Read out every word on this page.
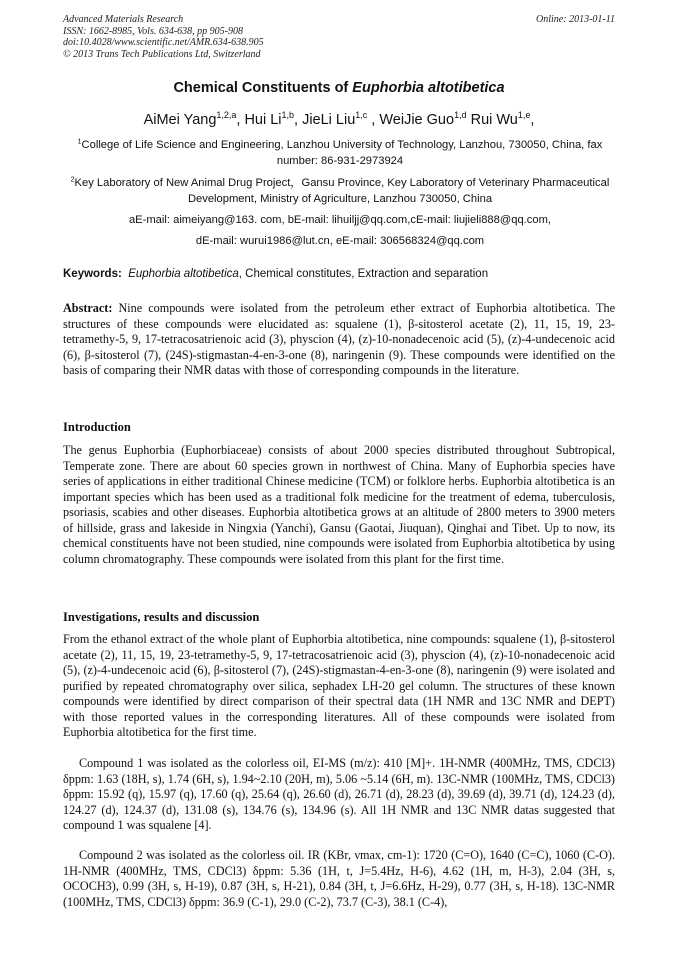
Advanced Materials Research
ISSN: 1662-8985, Vols. 634-638, pp 905-908
doi:10.4028/www.scientific.net/AMR.634-638.905
© 2013 Trans Tech Publications Ltd, Switzerland
Online: 2013-01-11
Chemical Constituents of Euphorbia altotibetica
AiMei Yang$^{1,2,a}$, Hui Li$^{1,b}$, JieLi Liu$^{1,c}$ , WeiJie Guo$^{1,d}$ Rui Wu$^{1,e}$,
$^1$College of Life Science and Engineering, Lanzhou University of Technology, Lanzhou, 730050, China, fax number: 86-931-2973924
$^2$Key Laboratory of New Animal Drug Project，Gansu Province, Key Laboratory of Veterinary Pharmaceutical Development, Ministry of Agriculture, Lanzhou 730050, China
aE-mail: aimeiyang@163. com, bE-mail: lihuiljj@qq.com,cE-mail: liujieli888@qq.com,
dE-mail: wurui1986@lut.cn, eE-mail: 306568324@qq.com
Keywords: Euphorbia altotibetica, Chemical constitutes, Extraction and separation
Abstract: Nine compounds were isolated from the petroleum ether extract of Euphorbia altotibetica. The structures of these compounds were elucidated as: squalene (1), β-sitosterol acetate (2), 11, 15, 19, 23-tetramethy-5, 9, 17-tetracosatrienoic acid (3), physcion (4), (z)-10-nonadecenoic acid (5), (z)-4-undecenoic acid (6), β-sitosterol (7), (24S)-stigmastan-4-en-3-one (8), naringenin (9). These compounds were identified on the basis of comparing their NMR datas with those of corresponding compounds in the literature.
Introduction
The genus Euphorbia (Euphorbiaceae) consists of about 2000 species distributed throughout Subtropical, Temperate zone. There are about 60 species grown in northwest of China. Many of Euphorbia species have series of applications in either traditional Chinese medicine (TCM) or folklore herbs. Euphorbia altotibetica is an important species which has been used as a traditional folk medicine for the treatment of edema, tuberculosis, psoriasis, scabies and other diseases. Euphorbia altotibetica grows at an altitude of 2800 meters to 3900 meters of hillside, grass and lakeside in Ningxia (Yanchi), Gansu (Gaotai, Jiuquan), Qinghai and Tibet. Up to now, its chemical constituents have not been studied, nine compounds were isolated from Euphorbia altotibetica by using column chromatography. These compounds were isolated from this plant for the first time.
Investigations, results and discussion
From the ethanol extract of the whole plant of Euphorbia altotibetica, nine compounds: squalene (1), β-sitosterol acetate (2), 11, 15, 19, 23-tetramethy-5, 9, 17-tetracosatrienoic acid (3), physcion (4), (z)-10-nonadecenoic acid (5), (z)-4-undecenoic acid (6), β-sitosterol (7), (24S)-stigmastan-4-en-3-one (8), naringenin (9) were isolated and purified by repeated chromatography over silica, sephadex LH-20 gel column. The structures of these known compounds were identified by direct comparison of their spectral data (1H NMR and 13C NMR and DEPT) with those reported values in the corresponding literatures. All of these compounds were isolated from Euphorbia altotibetica for the first time.
Compound 1 was isolated as the colorless oil, EI-MS (m/z): 410 [M]+. 1H-NMR (400MHz, TMS, CDCl3) δppm: 1.63 (18H, s), 1.74 (6H, s), 1.94~2.10 (20H, m), 5.06 ~5.14 (6H, m). 13C-NMR (100MHz, TMS, CDCl3) δppm: 15.92 (q), 15.97 (q), 17.60 (q), 25.64 (q), 26.60 (d), 26.71 (d), 28.23 (d), 39.69 (d), 39.71 (d), 124.23 (d), 124.27 (d), 124.37 (d), 131.08 (s), 134.76 (s), 134.96 (s). All 1H NMR and 13C NMR datas suggested that compound 1 was squalene [4].
Compound 2 was isolated as the colorless oil. IR (KBr, νmax, cm-1): 1720 (C=O), 1640 (C=C), 1060 (C-O). 1H-NMR (400MHz, TMS, CDCl3) δppm: 5.36 (1H, t, J=5.4Hz, H-6), 4.62 (1H, m, H-3), 2.04 (3H, s, OCOCH3), 0.99 (3H, s, H-19), 0.87 (3H, s, H-21), 0.84 (3H, t, J=6.6Hz, H-29), 0.77 (3H, s, H-18). 13C-NMR (100MHz, TMS, CDCl3) δppm: 36.9 (C-1), 29.0 (C-2), 73.7 (C-3), 38.1 (C-4),
